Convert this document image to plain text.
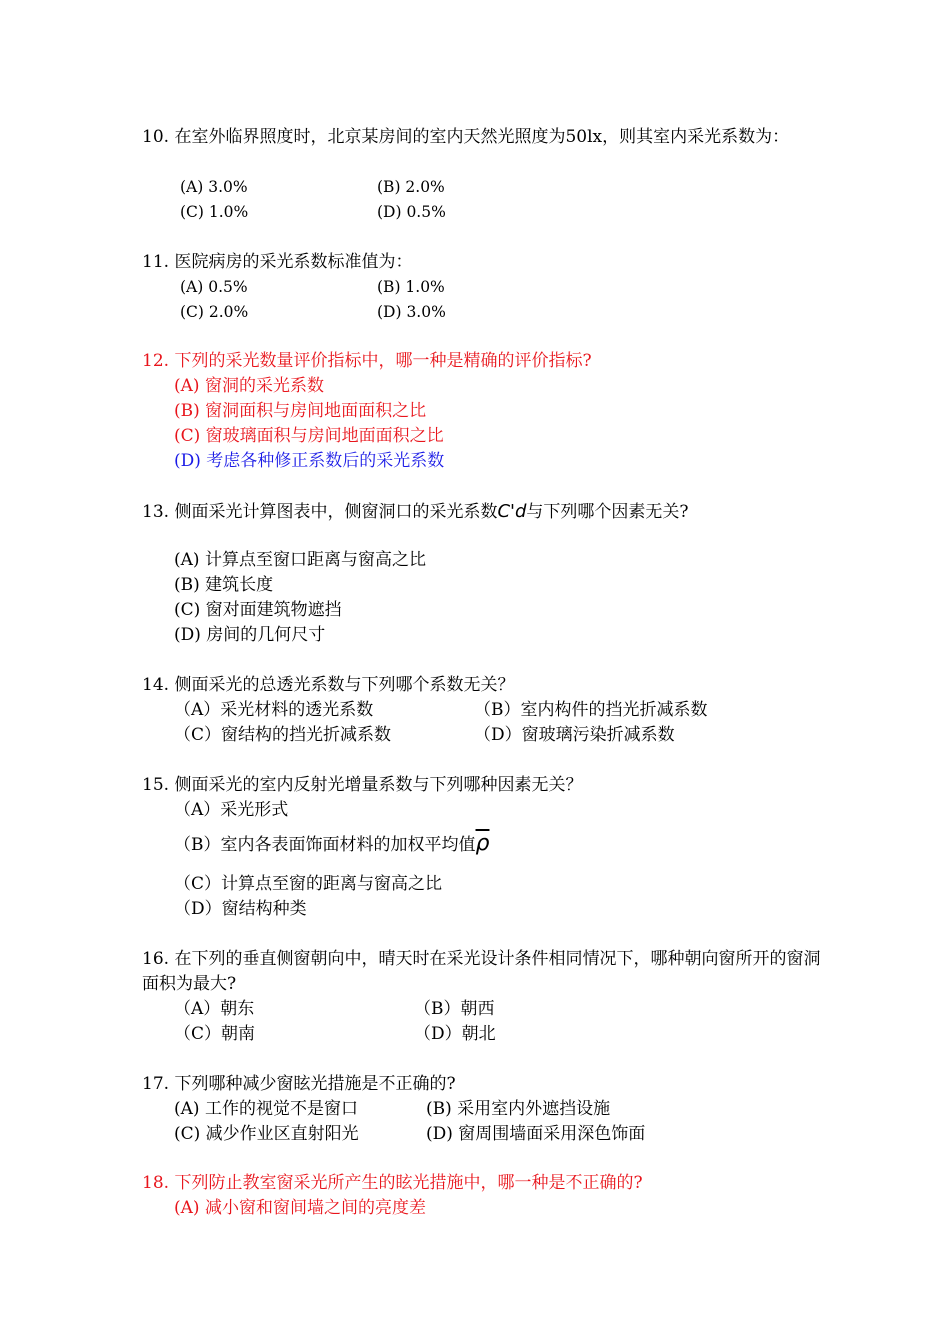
10. 在室外临界照度时，北京某房间的室内天然光照度为50lx，则其室内采光系数为：
(A) 3.0%	(B) 2.0%
(C) 1.0%	(D) 0.5%
11. 医院病房的采光系数标准值为：
(A) 0.5%	(B) 1.0%
(C) 2.0%	(D) 3.0%
12. 下列的采光数量评价指标中，哪一种是精确的评价指标?
(A) 窗洞的采光系数
(B) 窗洞面积与房间地面面积之比
(C) 窗玻璃面积与房间地面面积之比
(D) 考虑各种修正系数后的采光系数
13. 侧面采光计算图表中，侧窗洞口的采光系数C'd与下列哪个因素无关?
(A) 计算点至窗口距离与窗高之比
(B) 建筑长度
(C) 窗对面建筑物遮挡
(D) 房间的几何尺寸
14. 侧面采光的总透光系数与下列哪个系数无关？
（A）采光材料的透光系数	（B）室内构件的挡光折减系数
（C）窗结构的挡光折减系数	（D）窗玻璃污染折减系数
15. 侧面采光的室内反射光增量系数与下列哪种因素无关？
（A）采光形式
（B）室内各表面饰面材料的加权平均值$\overline{\rho}$
（C）计算点至窗的距离与窗高之比
（D）窗结构种类
16. 在下列的垂直侧窗朝向中，晴天时在采光设计条件相同情况下，哪种朝向窗所开的窗洞面积为最大?
（A）朝东	（B）朝西
（C）朝南	（D）朝北
17. 下列哪种减少窗眩光措施是不正确的?
(A) 工作的视觉不是窗口	(B) 采用室内外遮挡设施
(C) 减少作业区直射阳光	(D) 窗周围墙面采用深色饰面
18. 下列防止教室窗采光所产生的眩光措施中，哪一种是不正确的?
(A) 减小窗和窗间墙之间的亮度差
